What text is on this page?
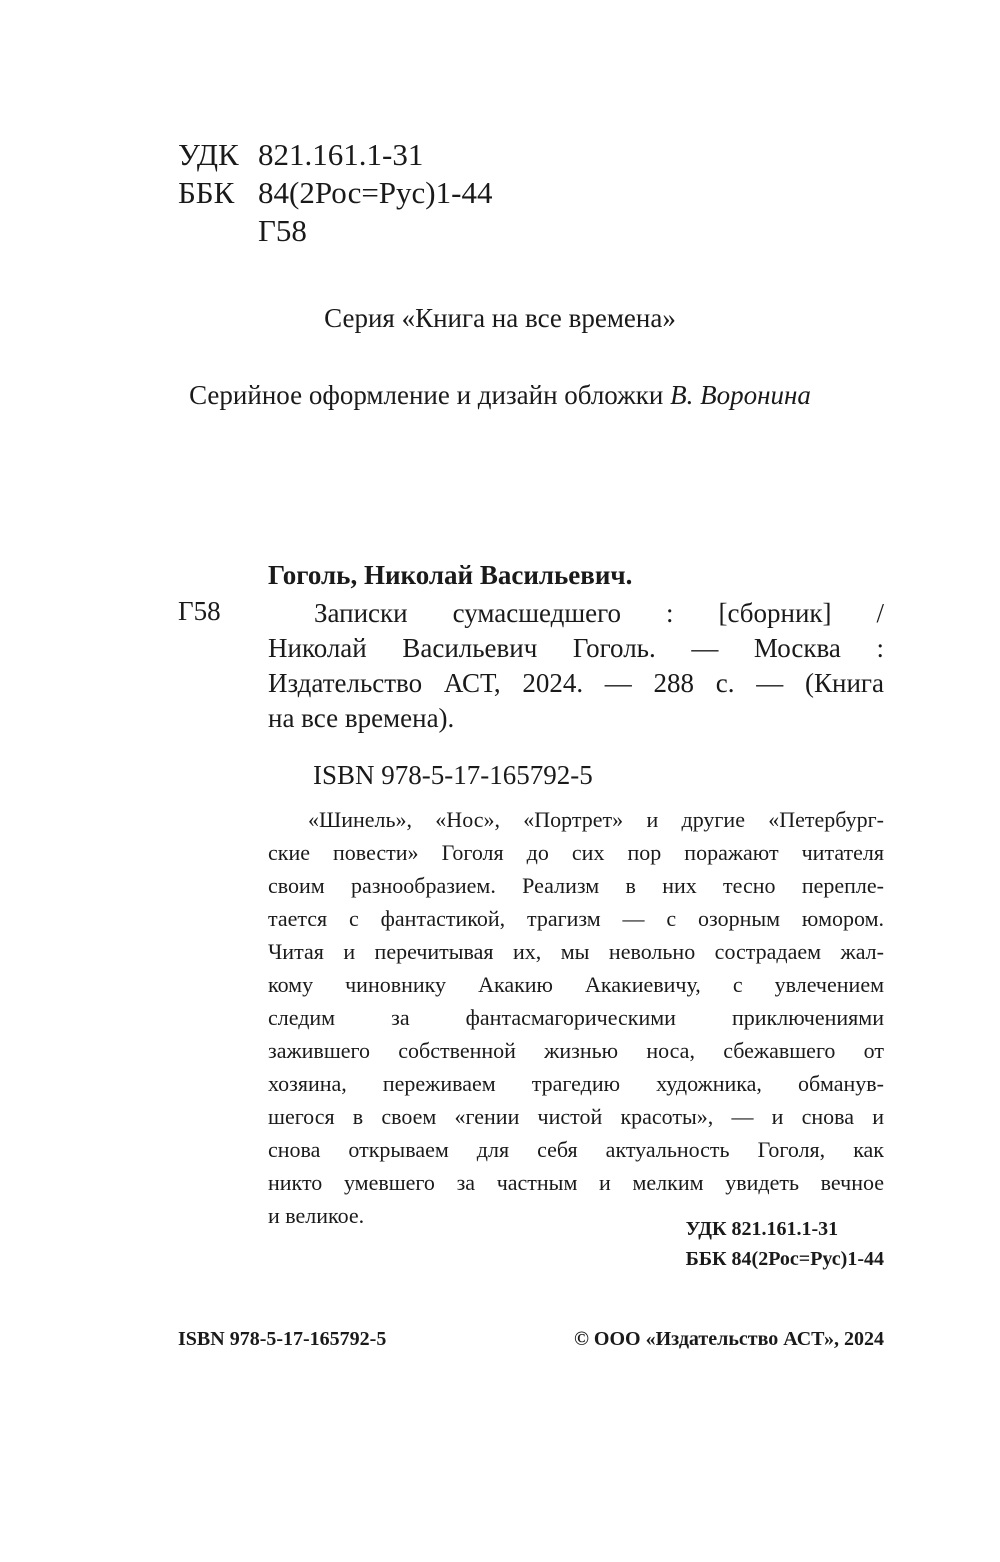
УДК 821.161.1-31
ББК 84(2Рос=Рус)1-44
Г58
Серия «Книга на все времена»
Серийное оформление и дизайн обложки В. Воронина
Гоголь, Николай Васильевич.
Г58	Записки сумасшедшего : [сборник] /
Николай Васильевич Гоголь. — Москва :
Издательство АСТ, 2024. — 288 с. — (Книга
на все времена).
ISBN 978-5-17-165792-5
«Шинель», «Нос», «Портрет» и другие «Петербург-
ские повести» Гоголя до сих пор поражают читателя
своим разнообразием. Реализм в них тесно перепле-
тается с фантастикой, трагизм — с озорным юмором.
Читая и перечитывая их, мы невольно сострадаем жал-
кому чиновнику Акакию Акакиевичу, с увлечением
следим за фантасмагорическими приключениями
зажившего собственной жизнью носа, сбежавшего от
хозяина, переживаем трагедию художника, обманув-
шегося в своем «гении чистой красоты», — и снова и
снова открываем для себя актуальность Гоголя, как
никто умевшего за частным и мелким увидеть вечное
и великое.
УДК 821.161.1-31
ББК 84(2Рос=Рус)1-44
ISBN 978-5-17-165792-5	© ООО «Издательство АСТ», 2024
